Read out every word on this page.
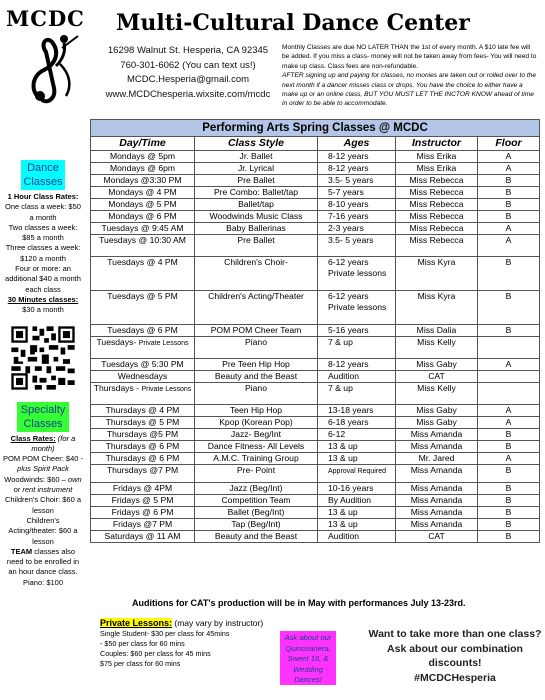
MCDC Multi-Cultural Dance Center
16298 Walnut St. Hesperia, CA 92345
760-301-6062 (You can text us!)
MCDC.Hesperia@gmail.com
www.MCDChesperia.wixsite.com/mcdc
Monthly Classes are due NO LATER THAN the 1st of every month. A $10 late fee will be added. If you miss a class- money will not be taken away from fees- You will need to make up class. Class fees are non-refundable.
AFTER signing up and paying for classes, no monies are taken out or rolled over to the next month if a dancer misses class or drops. You have the choice to either have a make up or an online class, BUT YOU MUST LET THE INCTOR KNOW ahead of time in order to be able to accommodate.
Dance Classes
1 Hour Class Rates:
One class a week: $50 a month
Two classes a week: $85 a month
Three classes a week: $120 a month
Four or more: an additional $40 a month each class
30 Minutes classes: $30 a month
Specialty Classes
Class Rates: (for a month)
POM POM Cheer: $40 - plus Spirit Pack
Woodwinds: $60 – own or rent instrument
Children's Choir: $60 a lesson
Children's Acting/theater: $60 a lesson
TEAM classes also need to be enrolled in an hour dance class.
Piano: $100
Performing Arts Spring Classes @ MCDC				
Day/Time	Class Style	Ages	Instructor	Floor
Mondays @ 5pm	Jr. Ballet	8-12 years	Miss Erika	A
Mondays @ 6pm	Jr. Lyrical	8-12 years	Miss Erika	A
Mondays @3:30 PM	Pre Ballet	3.5- 5 years	Miss Rebecca	B
Mondays @ 4 PM	Pre Combo: Ballet/tap	5-7 years	Miss Rebecca	B
Mondays @ 5 PM	Ballet/tap	8-10 years	Miss Rebecca	B
Mondays @ 6 PM	Woodwinds Music Class	7-16 years	Miss Rebecca	B
Tuesdays @ 9:45 AM	Baby Ballerinas	2-3 years	Miss Rebecca	A
Tuesdays @ 10:30 AM	Pre Ballet	3.5- 5 years	Miss Rebecca	A
Tuesdays @ 4 PM	Children's Choir-	6-12 years Private lessons	Miss Kyra	B
Tuesdays @ 5 PM	Children's Acting/Theater	6-12 years Private lessons	Miss Kyra	B
Tuesdays @ 6 PM	POM POM Cheer Team	5-16 years	Miss Dalia	B
Tuesdays- Private Lessons	Piano	7 & up	Miss Kelly	
Tuesdays @ 5:30 PM	Pre Teen Hip Hop	8-12 years	Miss Gaby	A
Wednesdays	Beauty and the Beast	Audition	CAT	
Thursdays - Private Lessons	Piano	7 & up	Miss Kelly	
Thursdays @ 4 PM	Teen Hip Hop	13-18 years	Miss Gaby	A
Thursdays @ 5 PM	Kpop (Korean Pop)	6-18 years	Miss Gaby	A
Thursdays @5 PM	Jazz- Beg/Int	6-12	Miss Amanda	B
Thursdays @ 6 PM	Dance Fitness- All Levels	13 & up	Miss Amanda	B
Thursdays @ 6 PM	A.M.C. Training Group	13 & up	Mr. Jared	A
Thursdays @7 PM	Pre- Point	Approval Required	Miss Amanda	B
Fridays @ 4PM	Jazz (Beg/Int)	10-16 years	Miss Amanda	B
Fridays @ 5 PM	Competition Team	By Audition	Miss Amanda	B
Fridays @ 6 PM	Ballet (Beg/Int)	13 & up	Miss Amanda	B
Fridays @7 PM	Tap (Beg/Int)	13 & up	Miss Amanda	B
Saturdays @ 11 AM	Beauty and the Beast	Audition	CAT	B
Auditions for CAT's production will be in May with performances July 13-23rd.
Private Lessons: (may vary by instructor)
Single Student- $30 per class for 45mins
- $50 per class for 60 mins
Couples: $60 per class for 45 mins
$75 per class for 60 mins
Ask about our Quinceanera, Sweet 16, & Wedding Dances!
Want to take more than one class? Ask about our combination discounts!
#MCDCHesperia
